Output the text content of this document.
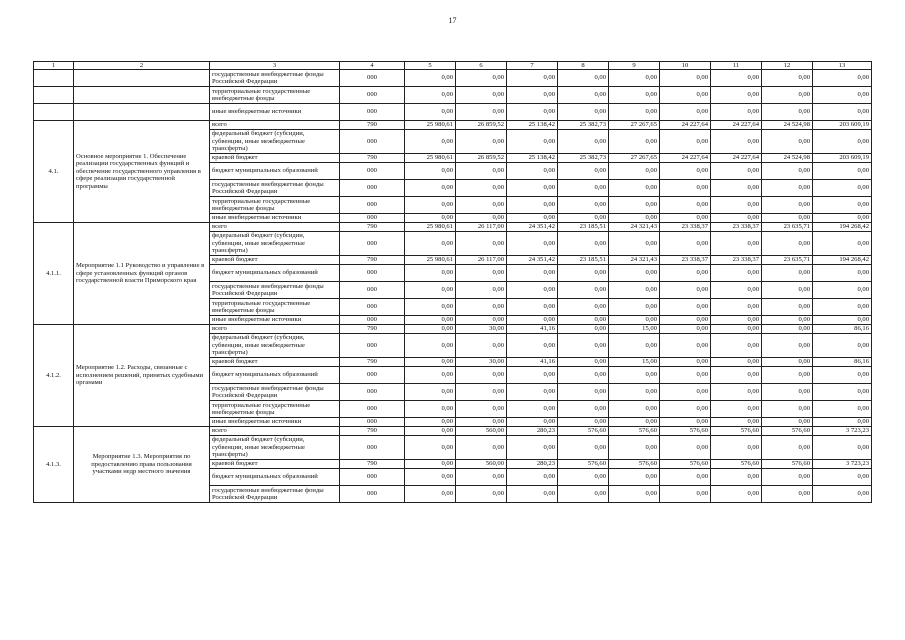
17
1	2	3	4	5	6	7	8	9	10	11	12	13
		государственные внебюджетные фонды Российской Федерации	000	0,00	0,00	0,00	0,00	0,00	0,00	0,00	0,00	0,00
		территориальные государственные внебюджетные фонды	000	0,00	0,00	0,00	0,00	0,00	0,00	0,00	0,00	0,00
		иные внебюджетные источники	000	0,00	0,00	0,00	0,00	0,00	0,00	0,00	0,00	0,00
4.1.	Основное мероприятие 1. Обеспечение реализации государственных функций и обеспечение государственного управления в сфере реализации государственной программы	всего	790	25 980,61	26 859,52	25 138,42	25 382,73	27 267,65	24 227,64	24 227,64	24 524,98	203 609,19
		федеральный бюджет (субсидии, субвенции, иные межбюджетные трансферты)	000	0,00	0,00	0,00	0,00	0,00	0,00	0,00	0,00	0,00
		краевой бюджет	790	25 980,61	26 859,52	25 138,42	25 382,73	27 267,65	24 227,64	24 227,64	24 524,98	203 609,19
		бюджет муниципальных образований	000	0,00	0,00	0,00	0,00	0,00	0,00	0,00	0,00	0,00
		государственные внебюджетные фонды Российской Федерации	000	0,00	0,00	0,00	0,00	0,00	0,00	0,00	0,00	0,00
		территориальные государственные внебюджетные фонды	000	0,00	0,00	0,00	0,00	0,00	0,00	0,00	0,00	0,00
		иные внебюджетные источники	000	0,00	0,00	0,00	0,00	0,00	0,00	0,00	0,00	0,00
4.1.1.	Мероприятие 1.1 Руководство и управление в сфере установленных функций органов государственной власти Приморского края	всего	790	25 980,61	26 117,00	24 351,42	23 185,51	24 321,43	23 338,37	23 338,37	23 635,71	194 268,42
		федеральный бюджет (субсидии, субвенции, иные межбюджетные трансферты)	000	0,00	0,00	0,00	0,00	0,00	0,00	0,00	0,00	0,00
		краевой бюджет	790	25 980,61	26 117,00	24 351,42	23 185,51	24 321,43	23 338,37	23 338,37	23 635,71	194 268,42
		бюджет муниципальных образований	000	0,00	0,00	0,00	0,00	0,00	0,00	0,00	0,00	0,00
		государственные внебюджетные фонды Российской Федерации	000	0,00	0,00	0,00	0,00	0,00	0,00	0,00	0,00	0,00
		территориальные государственные внебюджетные фонды	000	0,00	0,00	0,00	0,00	0,00	0,00	0,00	0,00	0,00
		иные внебюджетные источники	000	0,00	0,00	0,00	0,00	0,00	0,00	0,00	0,00	0,00
4.1.2.	Мероприятие 1.2. Расходы, связанные с исполнением решений, принятых судебными органами	всего	790	0,00	30,00	41,16	0,00	15,00	0,00	0,00	0,00	86,16
		федеральный бюджет (субсидии, субвенции, иные межбюджетные трансферты)	000	0,00	0,00	0,00	0,00	0,00	0,00	0,00	0,00	0,00
		краевой бюджет	790	0,00	30,00	41,16	0,00	15,00	0,00	0,00	0,00	86,16
		бюджет муниципальных образований	000	0,00	0,00	0,00	0,00	0,00	0,00	0,00	0,00	0,00
		государственные внебюджетные фонды Российской Федерации	000	0,00	0,00	0,00	0,00	0,00	0,00	0,00	0,00	0,00
		территориальные государственные внебюджетные фонды	000	0,00	0,00	0,00	0,00	0,00	0,00	0,00	0,00	0,00
		иные внебюджетные источники	000	0,00	0,00	0,00	0,00	0,00	0,00	0,00	0,00	0,00
4.1.3.	Мероприятие 1.3. Мероприятия по предоставлению права пользования участками недр местного значения	всего	790	0,00	560,00	280,23	576,60	576,60	576,60	576,60	576,60	3 723,23
		федеральный бюджет (субсидии, субвенции, иные межбюджетные трансферты)	000	0,00	0,00	0,00	0,00	0,00	0,00	0,00	0,00	0,00
		краевой бюджет	790	0,00	560,00	280,23	576,60	576,60	576,60	576,60	576,60	3 723,23
		бюджет муниципальных образований	000	0,00	0,00	0,00	0,00	0,00	0,00	0,00	0,00	0,00
		государственные внебюджетные фонды Российской Федерации	000	0,00	0,00	0,00	0,00	0,00	0,00	0,00	0,00	0,00
